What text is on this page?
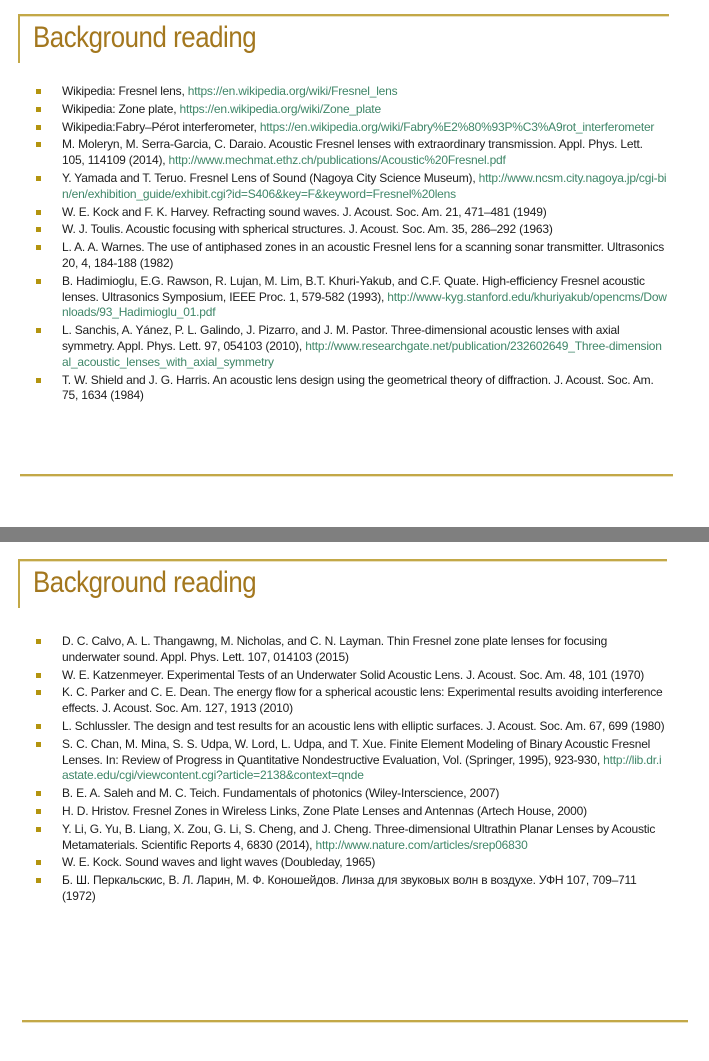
Background reading
Wikipedia: Fresnel lens, https://en.wikipedia.org/wiki/Fresnel_lens
Wikipedia: Zone plate, https://en.wikipedia.org/wiki/Zone_plate
Wikipedia:Fabry–Pérot interferometer, https://en.wikipedia.org/wiki/Fabry%E2%80%93P%C3%A9rot_interferometer
M. Moleryn, M. Serra-Garcia, C. Daraio. Acoustic Fresnel lenses with extraordinary transmission. Appl. Phys. Lett. 105, 114109 (2014), http://www.mechmat.ethz.ch/publications/Acoustic%20Fresnel.pdf
Y. Yamada and T. Teruo. Fresnel Lens of Sound (Nagoya City Science Museum), http://www.ncsm.city.nagoya.jp/cgi-bin/en/exhibition_guide/exhibit.cgi?id=S406&key=F&keyword=Fresnel%20lens
W. E. Kock and F. K. Harvey. Refracting sound waves. J. Acoust. Soc. Am. 21, 471–481 (1949)
W. J. Toulis. Acoustic focusing with spherical structures. J. Acoust. Soc. Am. 35, 286–292 (1963)
L. A. A. Warnes. The use of antiphased zones in an acoustic Fresnel lens for a scanning sonar transmitter. Ultrasonics 20, 4, 184-188 (1982)
B. Hadimioglu, E.G. Rawson, R. Lujan, M. Lim, B.T. Khuri-Yakub, and C.F. Quate. High-efficiency Fresnel acoustic lenses. Ultrasonics Symposium, IEEE Proc. 1, 579-582 (1993), http://www-kyg.stanford.edu/khuriyakub/opencms/Downloads/93_Hadimioglu_01.pdf
L. Sanchis, A. Yánez, P. L. Galindo, J. Pizarro, and J. M. Pastor. Three-dimensional acoustic lenses with axial symmetry. Appl. Phys. Lett. 97, 054103 (2010), http://www.researchgate.net/publication/232602649_Three-dimensional_acoustic_lenses_with_axial_symmetry
T. W. Shield and J. G. Harris. An acoustic lens design using the geometrical theory of diffraction. J. Acoust. Soc. Am. 75, 1634 (1984)
Background reading
D. C. Calvo, A. L. Thangawng, M. Nicholas, and C. N. Layman. Thin Fresnel zone plate lenses for focusing underwater sound. Appl. Phys. Lett. 107, 014103 (2015)
W. E. Katzenmeyer. Experimental Tests of an Underwater Solid Acoustic Lens. J. Acoust. Soc. Am. 48, 101 (1970)
K. C. Parker and C. E. Dean. The energy flow for a spherical acoustic lens: Experimental results avoiding interference effects. J. Acoust. Soc. Am. 127, 1913 (2010)
L. Schlussler. The design and test results for an acoustic lens with elliptic surfaces. J. Acoust. Soc. Am. 67, 699 (1980)
S. C. Chan, M. Mina, S. S. Udpa, W. Lord, L. Udpa, and T. Xue. Finite Element Modeling of Binary Acoustic Fresnel Lenses. In: Review of Progress in Quantitative Nondestructive Evaluation, Vol. (Springer, 1995), 923-930, http://lib.dr.iastate.edu/cgi/viewcontent.cgi?article=2138&context=qnde
B. E. A. Saleh and M. C. Teich. Fundamentals of photonics (Wiley-Interscience, 2007)
H. D. Hristov. Fresnel Zones in Wireless Links, Zone Plate Lenses and Antennas (Artech House, 2000)
Y. Li, G. Yu, B. Liang, X. Zou, G. Li, S. Cheng, and J. Cheng. Three-dimensional Ultrathin Planar Lenses by Acoustic Metamaterials. Scientific Reports 4, 6830 (2014), http://www.nature.com/articles/srep06830
W. E. Kock. Sound waves and light waves (Doubleday, 1965)
Б. Ш. Перкальскис, В. Л. Ларин, М. Ф. Коношейдов. Линза для звуковых волн в воздухе. УФН 107, 709–711 (1972)
